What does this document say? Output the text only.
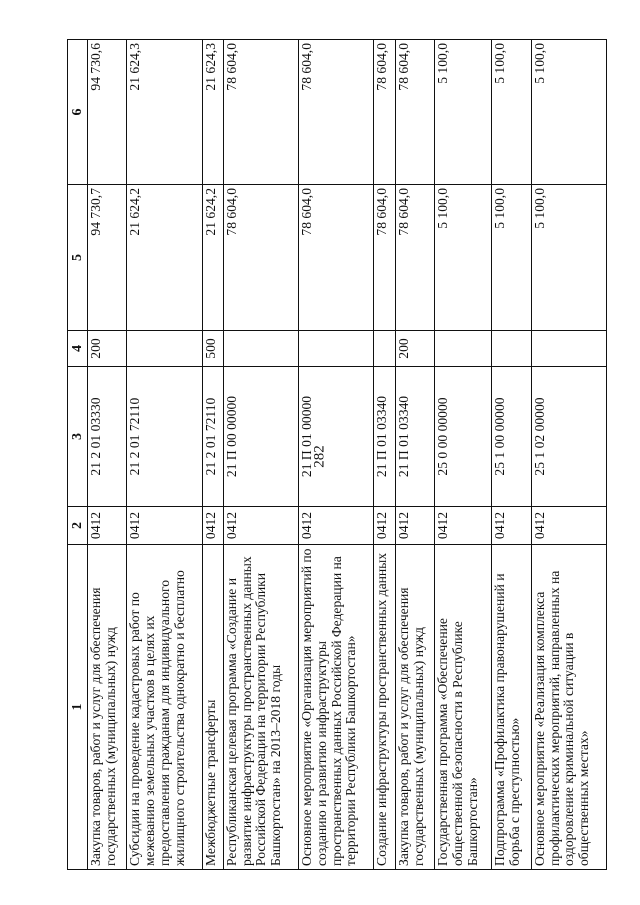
282
1	2	3	4	5	6
Закупка товаров, работ и услуг для обеспечения государственных (муниципальных) нужд	0412	21 2 01 03330	200	94 730,7	94 730,6
Субсидии на проведение кадастровых работ по межеванию земельных участков в целях их предоставления гражданам для индивидуального жилищного строительства однократно и бесплатно	0412	21 2 01 72110		21 624,2	21 624,3
Межбюджетные трансферты	0412	21 2 01 72110	500	21 624,2	21 624,3
Республиканская целевая программа «Создание и развитие инфраструктуры пространственных данных Российской Федерации на территории Республики Башкортостан» на 2013–2018 годы	0412	21 П 00 00000		78 604,0	78 604,0
Основное мероприятие «Организация мероприятий по созданию и развитию инфраструктуры пространственных данных Российской Федерации на территории Республики Башкортостан»	0412	21 П 01 00000		78 604,0	78 604,0
Создание инфраструктуры пространственных данных	0412	21 П 01 03340		78 604,0	78 604,0
Закупка товаров, работ и услуг для обеспечения государственных (муниципальных) нужд	0412	21 П 01 03340	200	78 604,0	78 604,0
Государственная программа «Обеспечение общественной безопасности в Республике Башкортостан»	0412	25 0 00 00000		5 100,0	5 100,0
Подпрограмма «Профилактика правонарушений и борьба с преступностью»	0412	25 1 00 00000		5 100,0	5 100,0
Основное мероприятие «Реализация комплекса профилактических мероприятий, направленных на оздоровление криминальной ситуации в общественных местах»	0412	25 1 02 00000		5 100,0	5 100,0
